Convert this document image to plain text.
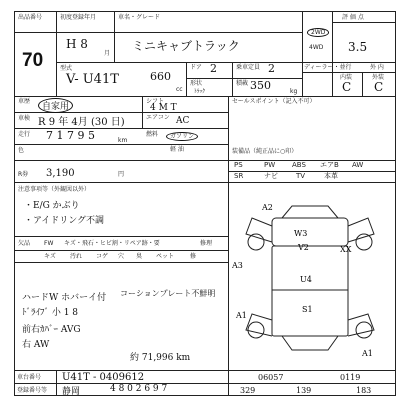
出品番号
70
初度登録年月
H 8
月
車名・グレード
ミニキャブトラック
型式
V- U41T	660
cc
ドア 2	乗車定員 2
形状
ﾄﾗｯｸ
積載 350	kg
2WD
4WD
評 価 点
3.5
ディーラー・並行	外 内
内装	外装
C C
車歴
自家用
シフト
4 M T
車検 R 9 年 4月 (30 日)	エアコン AC
走行 7 1 7 9 5	km
燃料	ガソリン
軽 油
色
セールスポイント（記入不可）
装備品（純正品に○印）
PS	PW ABS エアB AW
SR	ナビ	TV	本革
R券 3,190	円
注意事項等（外観図以外）
・E/G かぶり
・アイドリング不調
欠品 FW キズ・飛石・ヒビ割・リペア跡・要	修理
キズ 汚れ コゲ 穴 臭 ペット	修
ハードW ホバーイ付 コーションプレート不鮮明
ﾄﾞﾗｲﾌﾞ 小 1 8
前右ｶﾊﾞｰ AVG
右 AW
約 71,996 km
A2
W3
V2
A3
U4
XX
A1
S1
A1
車台番号 U41T - 0409612
登録番号等 静岡	4 8 0 2 6 9 7
06057	0119
329	139	183
